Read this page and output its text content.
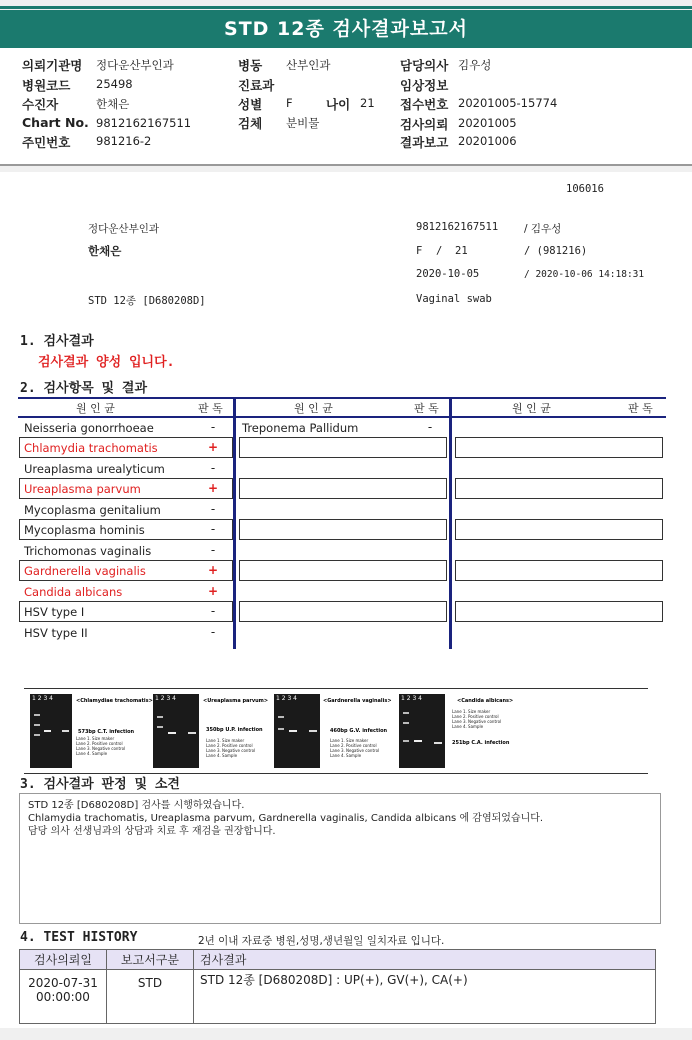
STD 12종 검사결과보고서
의뢰기관명 정다운산부인과
병원코드 25498
수진자	한채은
Chart No. 9812162167511
주민번호 981216-2
병동 산부인과
진료과
성별 F	나이 21
검체 분비물
담당의사 김우성
임상정보
접수번호 20201005-15774
검사의뢰 20201005
결과보고 20201006
106016
정다운산부인과	9812162167511 / 김우성
한채은	F / 21	/ (981216)
2020-10-05	/ 2020-10-06 14:18:31
STD 12종 [D680208D]	Vaginal swab
1. 검사결과
검사결과 양성 입니다.
2. 검사항목 및 결과
원 인 균	판 독	원 인 균	판 독	원 인 균	판 독
Neisseria gonorrhoeae	-
Chlamydia trachomatis	+
Ureaplasma urealyticum	-
Ureaplasma parvum	+
Mycoplasma genitalium	-
Mycoplasma hominis	-
Trichomonas vaginalis	-
Gardnerella vaginalis	+
Candida albicans	+
HSV type I	-
HSV type II	-
Treponema Pallidum	-
1 2 3 4	<Chlamydiae trachomatis>
573bp C.T. infection
Lane 1. Size maker
Lane 2. Positive control
Lane 3. Negative control
Lane 4. Sample
1 2 3 4	<Ureaplasma parvum>
350bp U.P. infection
Lane 1. Size maker
Lane 2. Positive control
Lane 3. Negative control
Lane 4. Sample
1 2 3 4	<Gardnerella vaginalis>
460bp G.V. infection
Lane 1. Size maker
Lane 2. Positive control
Lane 3. Negative control
Lane 4. Sample
1 2 3 4	<Candida albicans>
Lane 1. Size maker
Lane 2. Positive control
Lane 3. Negative control
Lane 4. Sample
251bp C.A. infection
3. 검사결과 판정 및 소견
STD 12종 [D680208D] 검사를 시행하였습니다.
Chlamydia trachomatis, Ureaplasma parvum, Gardnerella vaginalis, Candida albicans 에 감염되었습니다.
담당 의사 선생님과의 상담과 치료 후 재검을 권장합니다.
4. TEST HISTORY	2년 이내 자료중 병원,성명,생년월일 일치자료 입니다.
검사의뢰일	보고서구분	검사결과

2020-07-31
00:00:00	STD	STD 12종 [D680208D] : UP(+), GV(+), CA(+)
